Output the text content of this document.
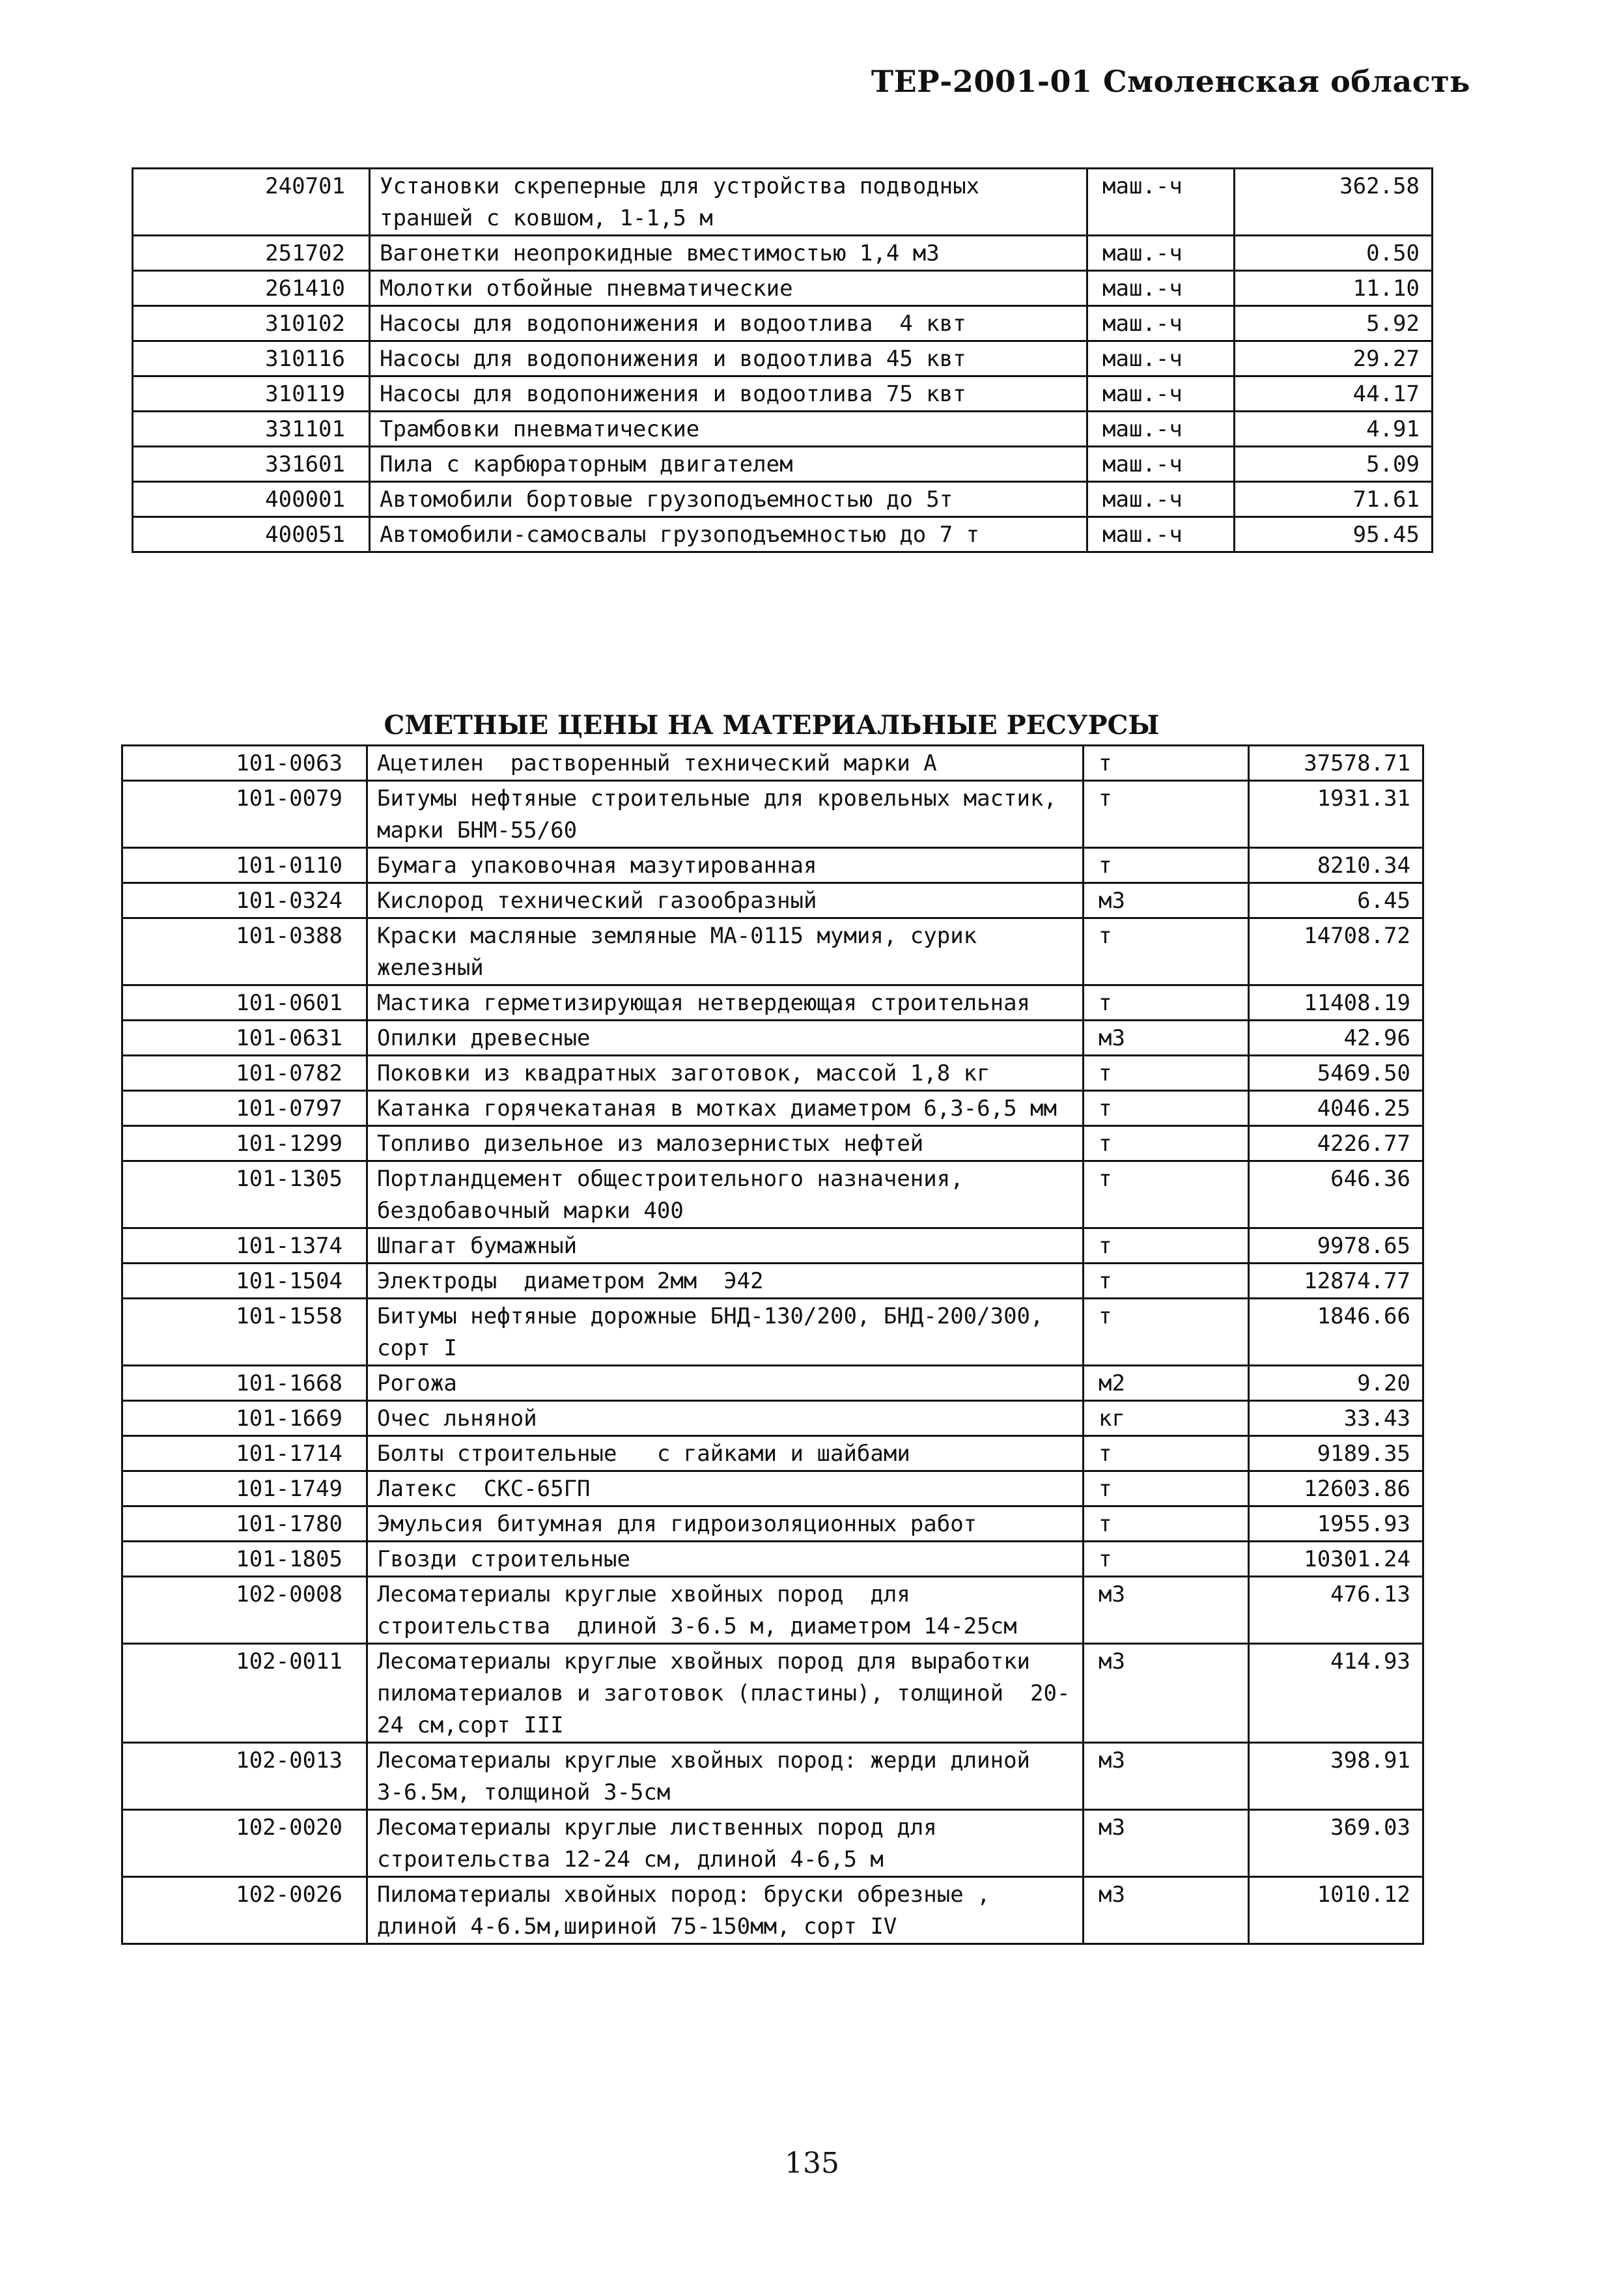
ТЕР-2001-01 Смоленская область
240701	Установки скреперные для устройства подводных траншей с ковшом, 1-1,5 м	маш.-ч	362.58
251702	Вагонетки неопрокидные вместимостью 1,4 м3	маш.-ч	0.50
261410	Молотки отбойные пневматические	маш.-ч	11.10
310102	Насосы для водопонижения и водоотлива  4 квт	маш.-ч	5.92
310116	Насосы для водопонижения и водоотлива 45 квт	маш.-ч	29.27
310119	Насосы для водопонижения и водоотлива 75 квт	маш.-ч	44.17
331101	Трамбовки пневматические	маш.-ч	4.91
331601	Пила с карбюраторным двигателем	маш.-ч	5.09
400001	Автомобили бортовые грузоподъемностью до 5т	маш.-ч	71.61
400051	Автомобили-самосвалы грузоподъемностью до 7 т	маш.-ч	95.45
СМЕТНЫЕ ЦЕНЫ НА МАТЕРИАЛЬНЫЕ РЕСУРСЫ
101-0063	Ацетилен  растворенный технический марки А	т	37578.71
101-0079	Битумы нефтяные строительные для кровельных мастик, марки БНМ-55/60	т	1931.31
101-0110	Бумага упаковочная мазутированная	т	8210.34
101-0324	Кислород технический газообразный	м3	6.45
101-0388	Краски масляные земляные МА-0115 мумия, сурик железный	т	14708.72
101-0601	Мастика герметизирующая нетвердеющая строительная	т	11408.19
101-0631	Опилки древесные	м3	42.96
101-0782	Поковки из квадратных заготовок, массой 1,8 кг	т	5469.50
101-0797	Катанка горячекатаная в мотках диаметром 6,3-6,5 мм	т	4046.25
101-1299	Топливо дизельное из малозернистых нефтей	т	4226.77
101-1305	Портландцемент общестроительного назначения, бездобавочный марки 400	т	646.36
101-1374	Шпагат бумажный	т	9978.65
101-1504	Электроды  диаметром 2мм  Э42	т	12874.77
101-1558	Битумы нефтяные дорожные БНД-130/200, БНД-200/300,  сорт I	т	1846.66
101-1668	Рогожа	м2	9.20
101-1669	Очес льняной	кг	33.43
101-1714	Болты строительные   с гайками и шайбами	т	9189.35
101-1749	Латекс  СКС-65ГП	т	12603.86
101-1780	Эмульсия битумная для гидроизоляционных работ	т	1955.93
101-1805	Гвозди строительные	т	10301.24
102-0008	Лесоматериалы круглые хвойных пород  для строительства  длиной 3-6.5 м, диаметром 14-25см	м3	476.13
102-0011	Лесоматериалы круглые хвойных пород для выработки пиломатериалов и заготовок (пластины), толщиной  20-24 см,сорт III	м3	414.93
102-0013	Лесоматериалы круглые хвойных пород: жерди длиной  3-6.5м, толщиной 3-5см	м3	398.91
102-0020	Лесоматериалы круглые лиственных пород для строительства 12-24 см, длиной 4-6,5 м	м3	369.03
102-0026	Пиломатериалы хвойных пород: бруски обрезные , длиной 4-6.5м,шириной 75-150мм, сорт IV	м3	1010.12
135
